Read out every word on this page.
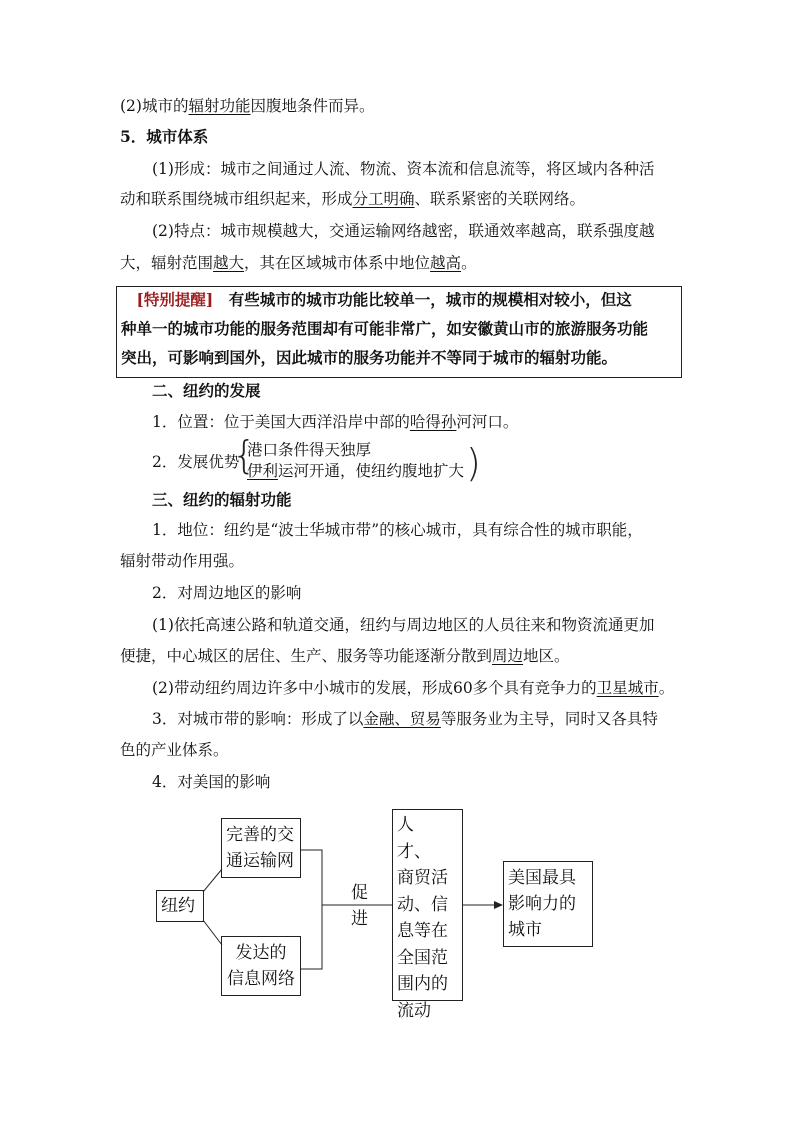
(2)城市的辐射功能因腹地条件而异。
5．城市体系
(1)形成：城市之间通过人流、物流、资本流和信息流等，将区域内各种活
动和联系围绕城市组织起来，形成分工明确、联系紧密的关联网络。
(2)特点：城市规模越大，交通运输网络越密，联通效率越高，联系强度越
大，辐射范围越大，其在区域城市体系中地位越高。
　[特别提醒]　 有些城市的城市功能比较单一，城市的规模相对较小，但这
种单一的城市功能的服务范围却有可能非常广，如安徽黄山市的旅游服务功能
突出，可影响到国外，因此城市的服务功能并不等同于城市的辐射功能。
二、纽约的发展
1．位置：位于美国大西洋沿岸中部的哈得孙河河口。
2．发展优势
{
港口条件得天独厚
伊利运河开通，使纽约腹地扩大 )
三、纽约的辐射功能
1．地位：纽约是“波士华城市带”的核心城市，具有综合性的城市职能，
辐射带动作用强。
2．对周边地区的影响
(1)依托高速公路和轨道交通，纽约与周边地区的人员往来和物资流通更加
便捷，中心城区的居住、生产、服务等功能逐渐分散到周边地区。
(2)带动纽约周边许多中小城市的发展，形成60多个具有竞争力的卫星城市。
3．对城市带的影响：形成了以金融、贸易等服务业为主导，同时又各具特
色的产业体系。
4．对美国的影响
纽约
完善的交
通运输网
发达的
信息网络
促
进
人　才、
商贸活
动、信
息等在
全国范
围内的
流动
美国最具
影响力的
城市
